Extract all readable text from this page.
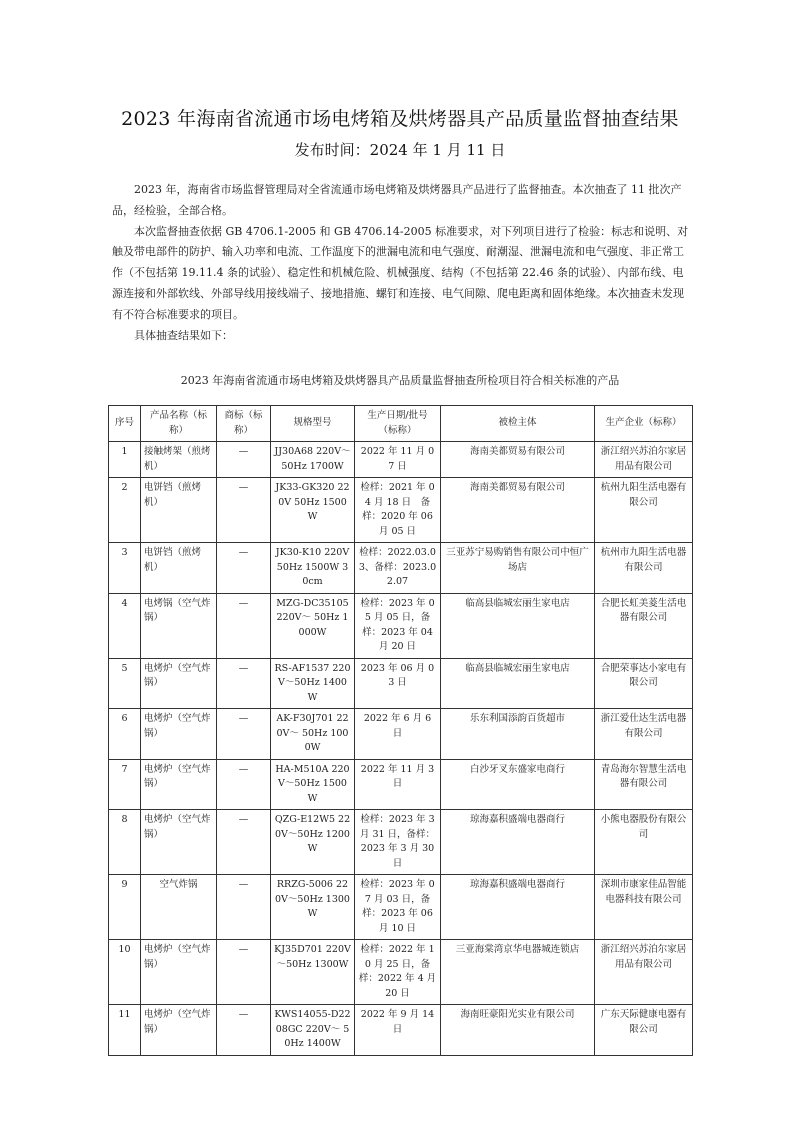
2023 年海南省流通市场电烤箱及烘烤器具产品质量监督抽查结果
发布时间：2024 年 1 月 11 日

2023 年，海南省市场监督管理局对全省流通市场电烤箱及烘烤器具产品进行了监督抽查。本次抽查了 11 批次产品，经检验，全部合格。

本次监督抽查依据 GB 4706.1-2005 和 GB 4706.14-2005 标准要求，对下列项目进行了检验：标志和说明、对触及带电部件的防护、输入功率和电流、工作温度下的泄漏电流和电气强度、耐潮湿、泄漏电流和电气强度、非正常工作（不包括第 19.11.4 条的试验）、稳定性和机械危险、机械强度、结构（不包括第 22.46 条的试验）、内部布线、电源连接和外部软线、外部导线用接线端子、接地措施、螺钉和连接、电气间隙、爬电距离和固体绝缘。本次抽查未发现有不符合标准要求的项目。

具体抽查结果如下：

2023 年海南省流通市场电烤箱及烘烤器具产品质量监督抽查所检项目符合相关标准的产品
序号	产品名称（标称）	商标（标称）	规格型号	生产日期/批号（标称）	被检主体	生产企业（标称）
1	接触烤架（煎烤机）	—	JJ30A68 220V～50Hz 1700W	2022 年 11 月 07 日	海南美都贸易有限公司	浙江绍兴苏泊尔家居用品有限公司
2	电饼铛（煎烤机）	—	JK33-GK320 220V 50Hz 1500W	检样：2021 年 04 月 18 日　备样：2020 年 06 月 05 日	海南美都贸易有限公司	杭州九阳生活电器有限公司
3	电饼铛（煎烤机）	—	JK30-K10 220V 50Hz 1500W 30cm	检样：2022.03.03、备样：2023.02.07	三亚苏宁易购销售有限公司中恒广场店	杭州市九阳生活电器有限公司
4	电烤锅（空气炸锅）	—	MZG-DC35105 220V～ 50Hz 1000W	检样：2023 年 05 月 05 日，备样：2023 年 04 月 20 日	临高县临城宏丽生家电店	合肥长虹美菱生活电器有限公司
5	电烤炉（空气炸锅）	—	RS-AF1537 220V～50Hz 1400W	2023 年 06 月 03 日	临高县临城宏丽生家电店	合肥荣事达小家电有限公司
6	电烤炉（空气炸锅）	—	AK-F30J701 220V～ 50Hz 1000W	2022 年 6 月 6 日	乐东利国添韵百货超市	浙江爱仕达生活电器有限公司
7	电烤炉（空气炸锅）	—	HA-M510A 220V～50Hz 1500W	2022 年 11 月 3 日	白沙牙叉东盛家电商行	青岛海尔智慧生活电器有限公司
8	电烤炉（空气炸锅）	—	QZG-E12W5 220V～50Hz 1200W	检样：2023 年 3 月 31 日，备样：2023 年 3 月 30 日	琼海嘉积盛端电器商行	小熊电器股份有限公司
9	空气炸锅	—	RRZG-5006 220V～50Hz 1300W	检样：2023 年 07 月 03 日，备样：2023 年 06 月 10 日	琼海嘉积盛端电器商行	深圳市康家佳品智能电器科技有限公司
10	电烤炉（空气炸锅）	—	KJ35D701 220V～50Hz 1300W	检样：2022 年 10 月 25 日，备样：2022 年 4 月 20 日	三亚海棠湾京华电器城连锁店	浙江绍兴苏泊尔家居用品有限公司
11	电烤炉（空气炸锅）	—	KWS14055-D2208GC 220V～ 50Hz 1400W	2022 年 9 月 14 日	海南旺豪阳光实业有限公司	广东天际健康电器有限公司
